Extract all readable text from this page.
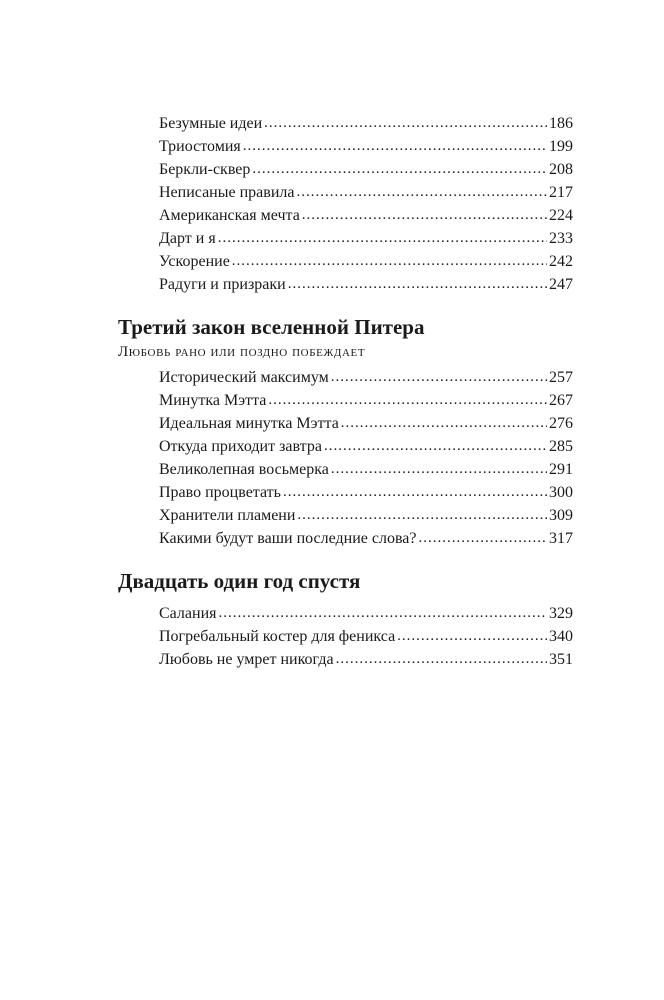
Безумные идеи .....	186
Триостомия .....	199
Беркли-сквер .....	208
Неписаные правила .....	217
Американская мечта .....	224
Дарт и я .....	233
Ускорение .....	242
Радуги и призраки .....	247
Третий закон вселенной Питера
Любовь рано или поздно побеждает
Исторический максимум .....	257
Минутка Мэтта .....	267
Идеальная минутка Мэтта .....	276
Откуда приходит завтра .....	285
Великолепная восьмерка .....	291
Право процветать .....	300
Хранители пламени .....	309
Какими будут ваши последние слова? .....	317
Двадцать один год спустя
Салания .....	329
Погребальный костер для феникса .....	340
Любовь не умрет никогда .....	351
